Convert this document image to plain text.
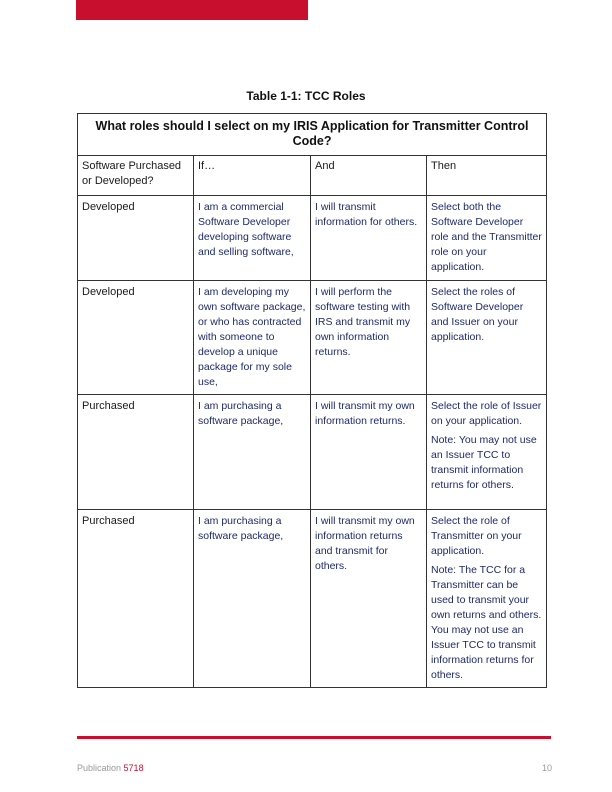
Table 1-1: TCC Roles
What roles should I select on my IRIS Application for Transmitter Control Code?			
Software Purchased or Developed?	If…	And	Then
Developed	I am a commercial Software Developer developing software and selling software,	I will transmit information for others.	Select both the Software Developer role and the Transmitter role on your application.

Developed	I am developing my own software package, or who has contracted with someone to develop a unique package for my sole use,	I will perform the software testing with IRS and transmit my own information returns.	Select the roles of Software Developer and Issuer on your application.

Purchased	I am purchasing a software package,	I will transmit my own information returns.	Select the role of Issuer on your application.

Note: You may not use an Issuer TCC to transmit information returns for others.

Purchased	I am purchasing a software package,	I will transmit my own information returns and transmit for others.	Select the role of Transmitter on your application.

Note: The TCC for a Transmitter can be used to transmit your own returns and others. You may not use an Issuer TCC to transmit information returns for others.

Publication 5718	10
